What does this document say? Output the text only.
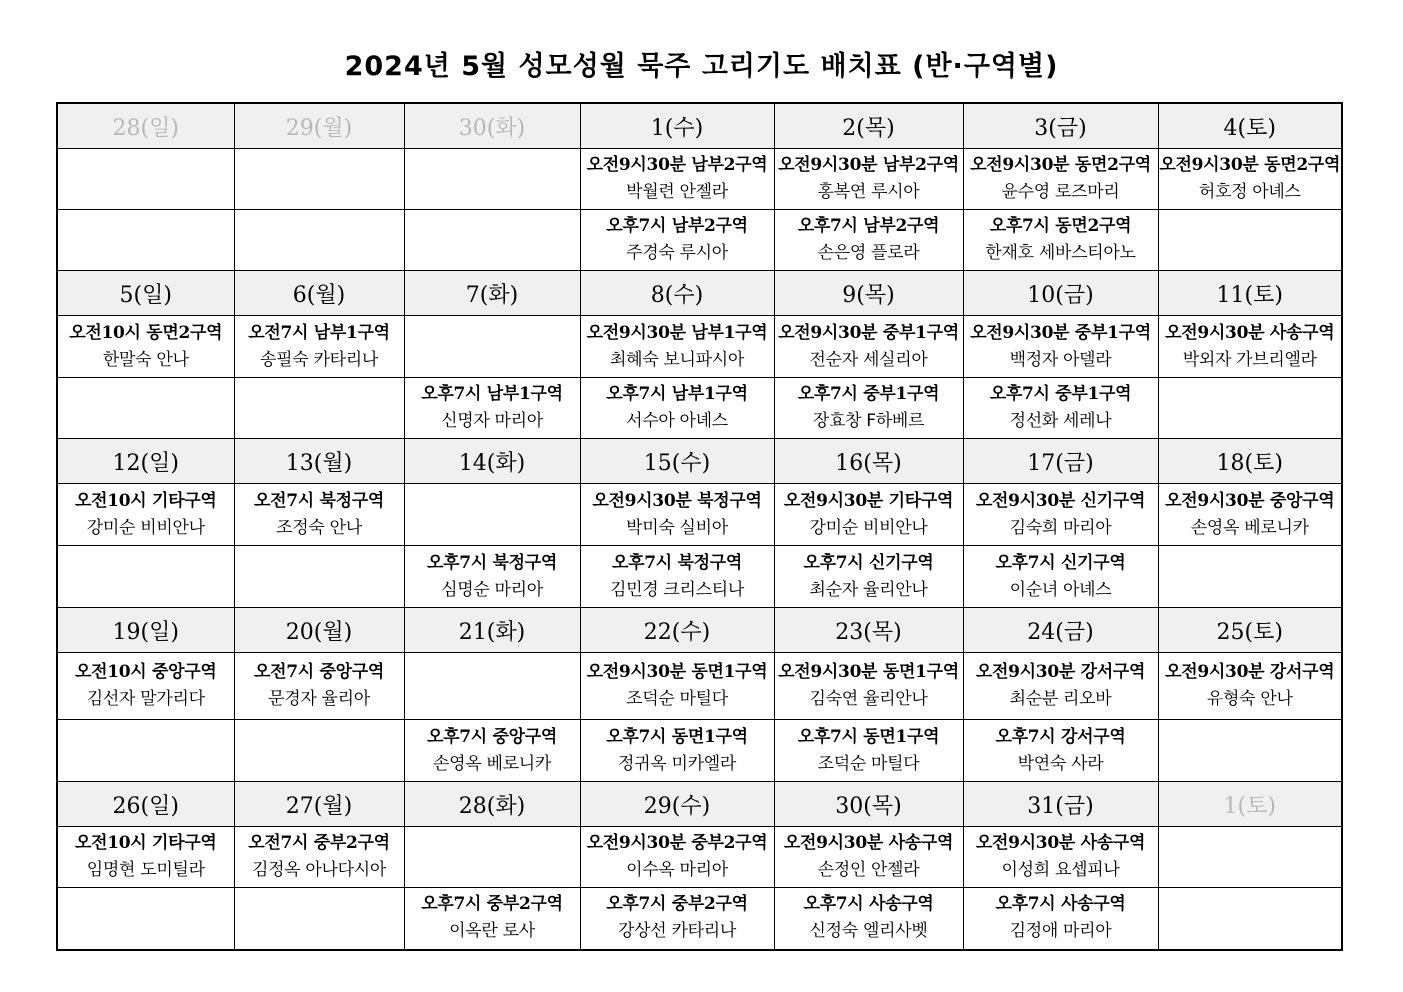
2024년 5월 성모성월 묵주 고리기도 배치표 (반·구역별)
28(일)	29(월)	30(화)	1(수)	2(목)	3(금)	4(토)

			오전9시30분 남부2구역
박월련 안젤라	오전9시30분 남부2구역
홍복연 루시아	오전9시30분 동면2구역
윤수영 로즈마리	오전9시30분 동면2구역
허호정 아녜스

			오후7시 남부2구역
주경숙 루시아	오후7시 남부2구역
손은영 플로라	오후7시 동면2구역
한재호 세바스티아노	

5(일)	6(월)	7(화)	8(수)	9(목)	10(금)	11(토)

오전10시 동면2구역
한말숙 안나	오전7시 남부1구역
송필숙 카타리나		오전9시30분 남부1구역
최혜숙 보니파시아	오전9시30분 중부1구역
전순자 세실리아	오전9시30분 중부1구역
백정자 아델라	오전9시30분 사송구역
박외자 가브리엘라

		오후7시 남부1구역
신명자 마리아	오후7시 남부1구역
서수아 아녜스	오후7시 중부1구역
장효창 F하베르	오후7시 중부1구역
정선화 세레나	

12(일)	13(월)	14(화)	15(수)	16(목)	17(금)	18(토)

오전10시 기타구역
강미순 비비안나	오전7시 북정구역
조정숙 안나		오전9시30분 북정구역
박미숙 실비아	오전9시30분 기타구역
강미순 비비안나	오전9시30분 신기구역
김숙희 마리아	오전9시30분 중앙구역
손영옥 베로니카

		오후7시 북정구역
심명순 마리아	오후7시 북정구역
김민경 크리스티나	오후7시 신기구역
최순자 율리안나	오후7시 신기구역
이순녀 아녜스	

19(일)	20(월)	21(화)	22(수)	23(목)	24(금)	25(토)

오전10시 중앙구역
김선자 말가리다	오전7시 중앙구역
문경자 율리아		오전9시30분 동면1구역
조덕순 마틸다	오전9시30분 동면1구역
김숙연 율리안나	오전9시30분 강서구역
최순분 리오바	오전9시30분 강서구역
유형숙 안나

		오후7시 중앙구역
손영옥 베로니카	오후7시 동면1구역
정귀옥 미카엘라	오후7시 동면1구역
조덕순 마틸다	오후7시 강서구역
박연숙 사라	

26(일)	27(월)	28(화)	29(수)	30(목)	31(금)	1(토)

오전10시 기타구역
임명현 도미틸라	오전7시 중부2구역
김정옥 아나다시아		오전9시30분 중부2구역
이수옥 마리아	오전9시30분 사송구역
손정인 안젤라	오전9시30분 사송구역
이성희 요셉피나	

		오후7시 중부2구역
이옥란 로사	오후7시 중부2구역
강상선 카타리나	오후7시 사송구역
신정숙 엘리사벳	오후7시 사송구역
김정애 마리아	
